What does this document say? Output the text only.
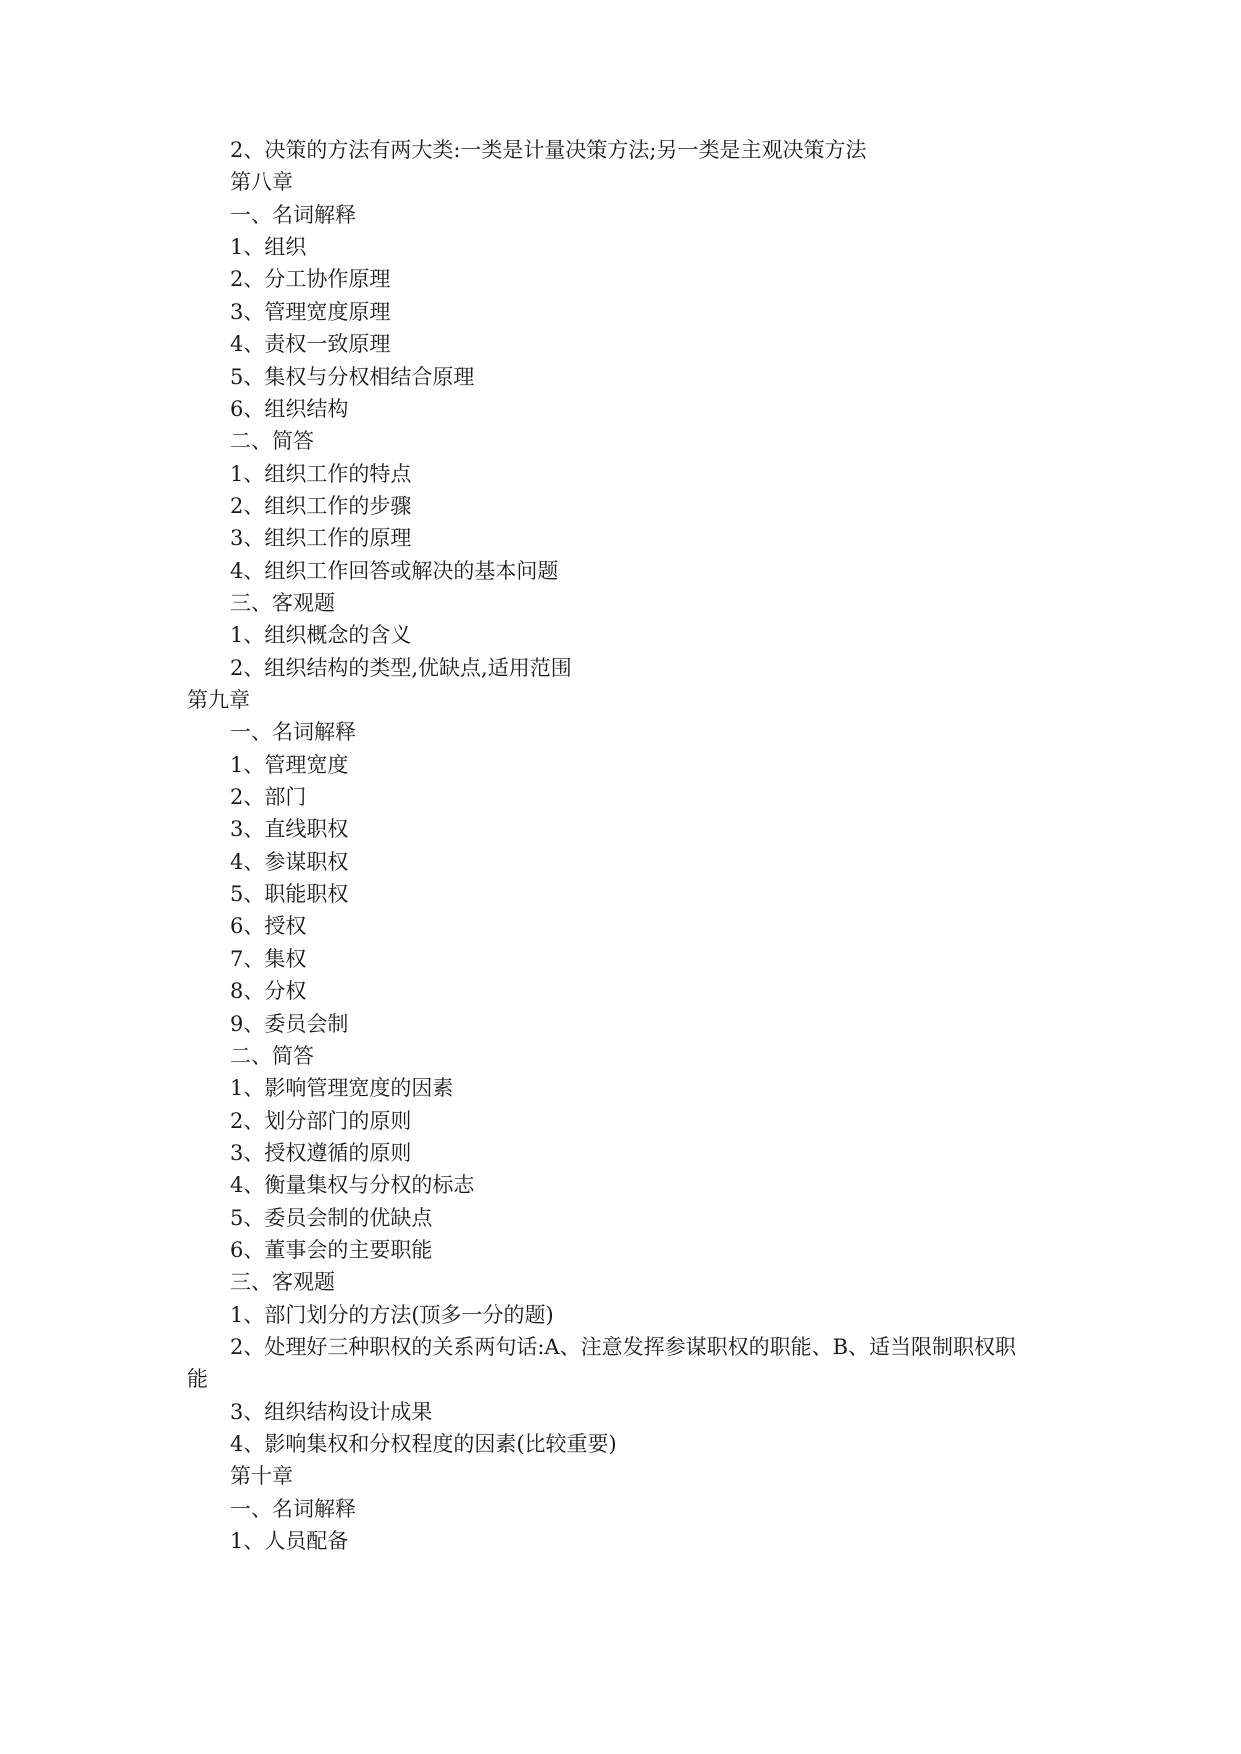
2、决策的方法有两大类:一类是计量决策方法;另一类是主观决策方法
第八章
一、名词解释
1、组织
2、分工协作原理
3、管理宽度原理
4、责权一致原理
5、集权与分权相结合原理
6、组织结构
二、简答
1、组织工作的特点
2、组织工作的步骤
3、组织工作的原理
4、组织工作回答或解决的基本问题
三、客观题
1、组织概念的含义
2、组织结构的类型,优缺点,适用范围
第九章
一、名词解释
1、管理宽度
2、部门
3、直线职权
4、参谋职权
5、职能职权
6、授权
7、集权
8、分权
9、委员会制
二、简答
1、影响管理宽度的因素
2、划分部门的原则
3、授权遵循的原则
4、衡量集权与分权的标志
5、委员会制的优缺点
6、董事会的主要职能
三、客观题
1、部门划分的方法(顶多一分的题)
2、处理好三种职权的关系两句话:A、注意发挥参谋职权的职能、B、适当限制职权职
能
3、组织结构设计成果
4、影响集权和分权程度的因素(比较重要)
第十章
一、名词解释
1、人员配备
